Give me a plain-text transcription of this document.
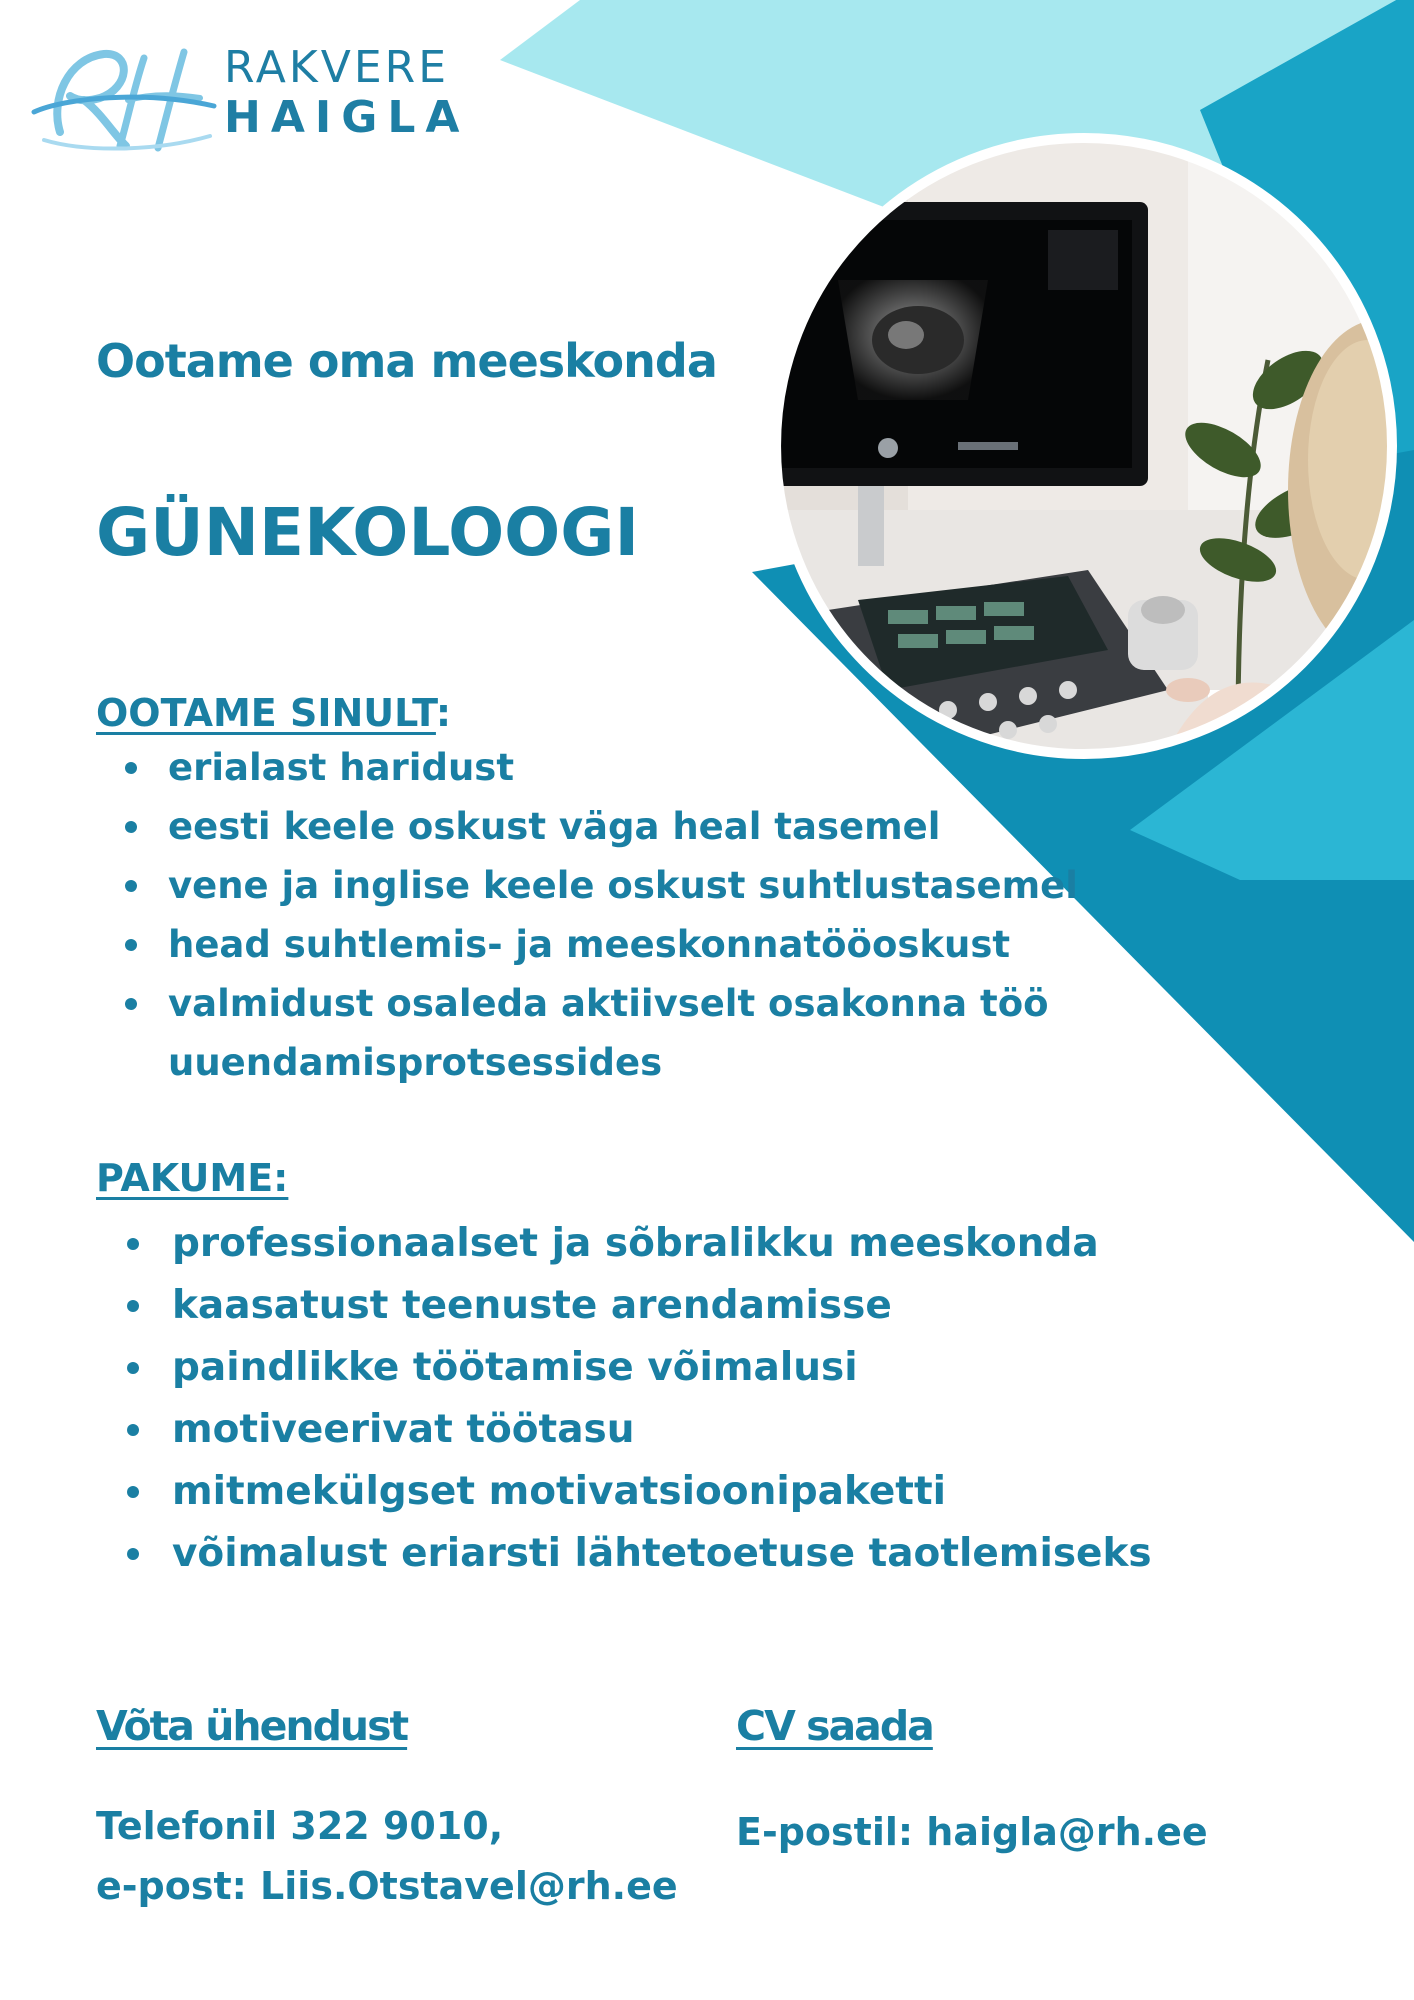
RAKVERE
HAIGLA
Ootame oma meeskonda
GÜNEKOLOOGI
OOTAME SINULT:
erialast haridust
eesti keele oskust väga heal tasemel
vene ja inglise keele oskust suhtlustasemel
head suhtlemis- ja meeskonnatööoskust
valmidust osaleda aktiivselt osakonna töö uuendamisprotsessides
PAKUME:
professionaalset ja sõbralikku meeskonda
kaasatust teenuste arendamisse
paindlikke töötamise võimalusi
motiveerivat töötasu
mitmekülgset motivatsioonipaketti
võimalust eriarsti lähtetoetuse taotlemiseks
Võta ühendust
Telefonil 322 9010,
e-post: Liis.Otstavel@rh.ee
CV saada
E-postil: haigla@rh.ee
